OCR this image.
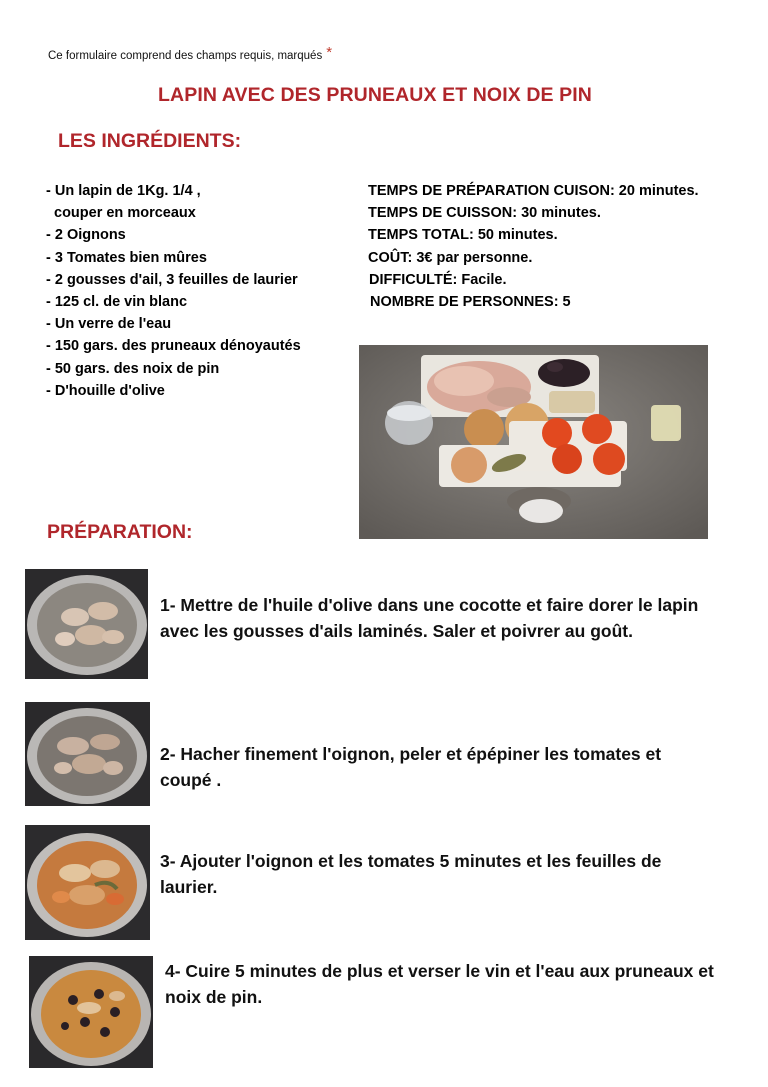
Ce formulaire comprend des champs requis, marqués *
LAPIN AVEC DES PRUNEAUX ET NOIX DE PIN
LES INGRÉDIENTS:
- Un lapin de 1Kg. 1/4 ,
couper en morceaux
- 2 Oignons
- 3 Tomates bien mûres
- 2 gousses d'ail, 3 feuilles de laurier
- 125 cl. de vin blanc
- Un verre de l'eau
- 150 gars. des pruneaux dénoyautés
- 50 gars. des noix de pin
- D'houille d'olive
TEMPS DE PRÉPARATION CUISON: 20 minutes.
TEMPS DE CUISSON: 30 minutes.
TEMPS TOTAL: 50 minutes.
COÛT: 3€ par personne.
DIFFICULTÉ: Facile.
NOMBRE DE PERSONNES: 5
PRÉPARATION:
1- Mettre de l'huile d'olive dans une cocotte et faire dorer le lapin avec les gousses d'ails laminés. Saler et poivrer au goût.
2- Hacher finement l'oignon, peler et épépiner les tomates et coupé .
3- Ajouter l'oignon et les tomates 5 minutes et les feuilles de laurier.
4- Cuire 5 minutes de plus et verser le vin et l'eau aux pruneaux et noix de pin.
